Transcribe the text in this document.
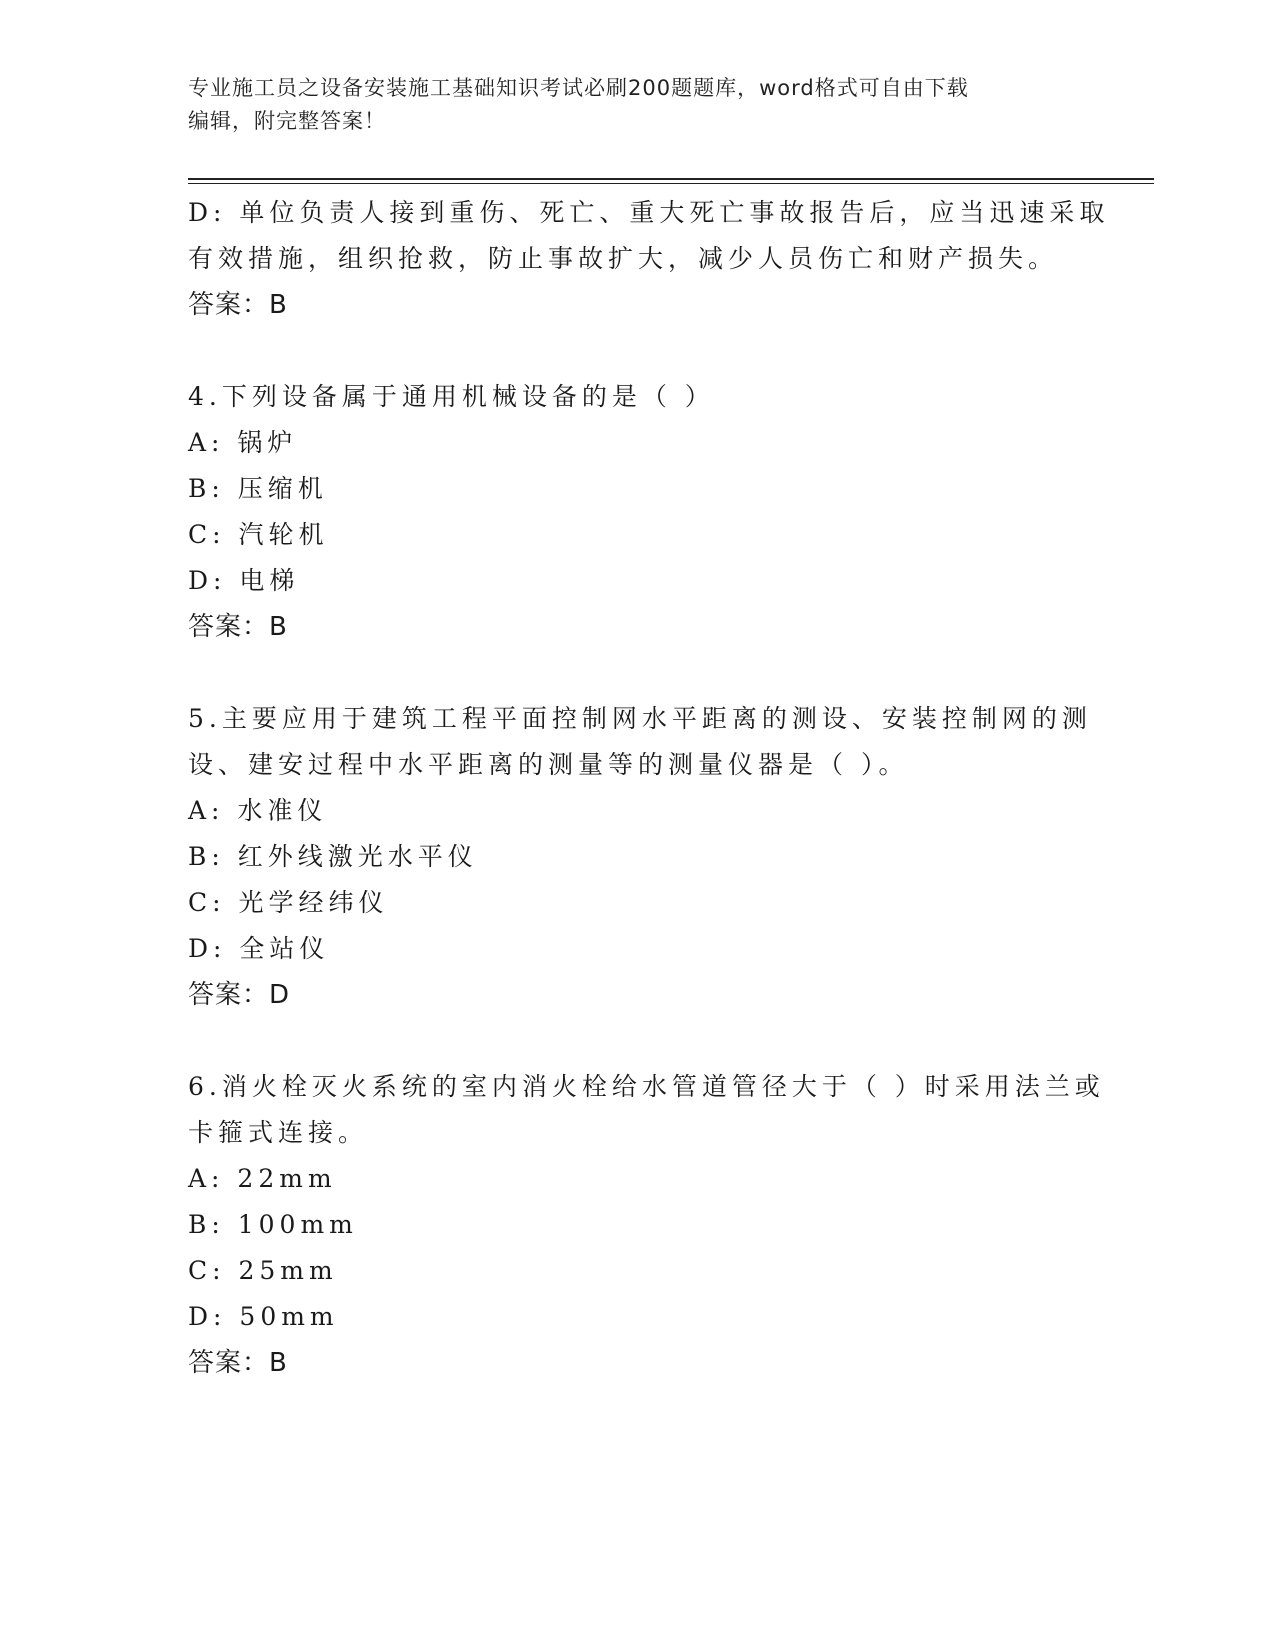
专业施工员之设备安装施工基础知识考试必刷200题题库，word格式可自由下载
编辑，附完整答案！
D: 单位负责人接到重伤、死亡、重大死亡事故报告后，应当迅速采取
有效措施，组织抢救，防止事故扩大，减少人员伤亡和财产损失。
答案：B
4.下列设备属于通用机械设备的是（ ）
A: 锅炉
B: 压缩机
C: 汽轮机
D: 电梯
答案：B
5.主要应用于建筑工程平面控制网水平距离的测设、安装控制网的测
设、建安过程中水平距离的测量等的测量仪器是（ ）。
A: 水准仪
B: 红外线激光水平仪
C: 光学经纬仪
D: 全站仪
答案：D
6.消火栓灭火系统的室内消火栓给水管道管径大于（ ）时采用法兰或
卡箍式连接。
A: 22mm
B: 100mm
C: 25mm
D: 50mm
答案：B
